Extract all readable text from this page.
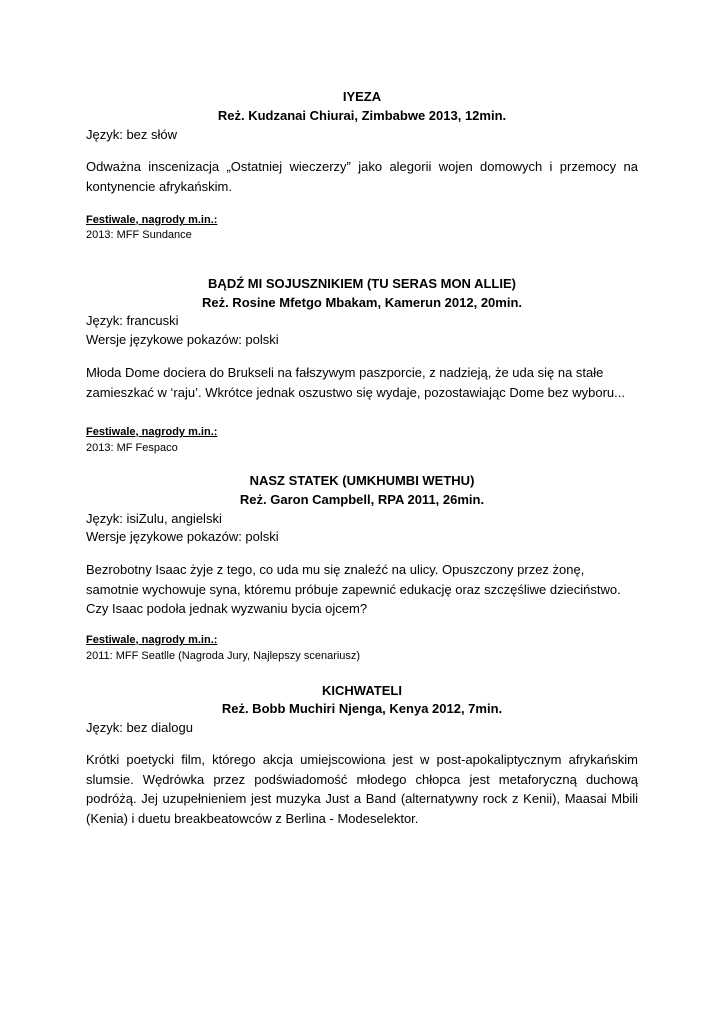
IYEZA
Reż. Kudzanai Chiurai, Zimbabwe 2013, 12min.
Język: bez słów
Odważna inscenizacja „Ostatniej wieczerzy” jako alegorii wojen domowych i przemocy na kontynencie afrykańskim.
Festiwale, nagrody m.in.:
2013: MFF Sundance
BĄDŹ MI SOJUSZNIKIEM (TU SERAS MON ALLIE)
Reż. Rosine Mfetgo Mbakam, Kamerun 2012, 20min.
Język: francuski
Wersje językowe pokazów: polski
Młoda Dome dociera do Brukseli na fałszywym paszporcie, z nadzieją, że uda się na stałe zamieszkać w ‘raju’. Wkrótce jednak oszustwo się wydaje, pozostawiając Dome bez wyboru...
Festiwale, nagrody m.in.:
2013: MF Fespaco
NASZ STATEK (UMKHUMBI WETHU)
Reż. Garon Campbell, RPA 2011, 26min.
Język: isiZulu, angielski
Wersje językowe pokazów: polski
Bezrobotny Isaac żyje z tego, co uda mu się znaleźć na ulicy. Opuszczony przez żonę, samotnie wychowuje syna, któremu próbuje zapewnić edukację oraz szczęśliwe dzieciństwo. Czy Isaac podoła jednak wyzwaniu bycia ojcem?
Festiwale, nagrody m.in.:
2011: MFF Seatlle (Nagroda Jury, Najlepszy scenariusz)
KICHWATELI
Reż. Bobb Muchiri Njenga, Kenya 2012, 7min.
Język: bez dialogu
Krótki poetycki film, którego akcja umiejscowiona jest w post-apokaliptycznym afrykańskim slumsie. Wędrówka przez podświadomość młodego chłopca jest metaforyczną duchową podróżą. Jej uzupełnieniem jest muzyka Just a Band (alternatywny rock z Kenii), Maasai Mbili (Kenia) i duetu breakbeatowców z Berlina - Modeselektor.
